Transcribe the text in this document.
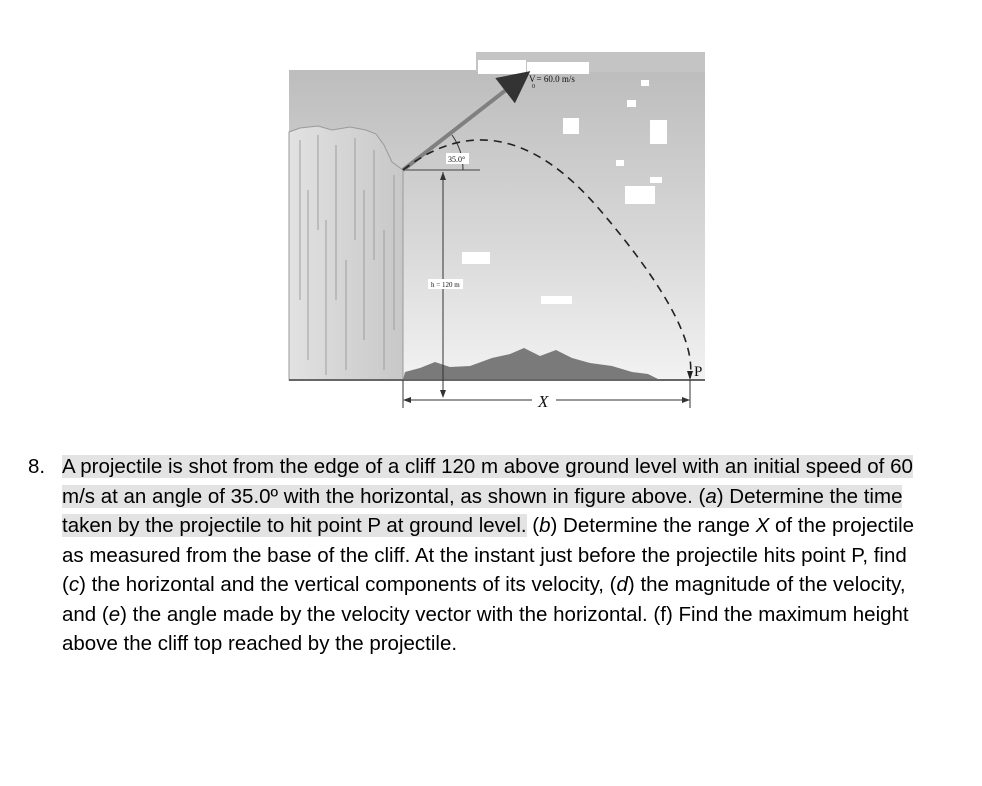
V= 60.0 m/s
0
35.0°
h = 120 m
X
P
8. A projectile is shot from the edge of a cliff 120 m above ground level with an initial speed of 60 m/s at an angle of 35.0º with the horizontal, as shown in figure above. (a) Determine the time taken by the projectile to hit point P at ground level. (b) Determine the range X of the projectile as measured from the base of the cliff. At the instant just before the projectile hits point P, find (c) the horizontal and the vertical components of its velocity, (d) the magnitude of the velocity, and (e) the angle made by the velocity vector with the horizontal. (f) Find the maximum height above the cliff top reached by the projectile.
